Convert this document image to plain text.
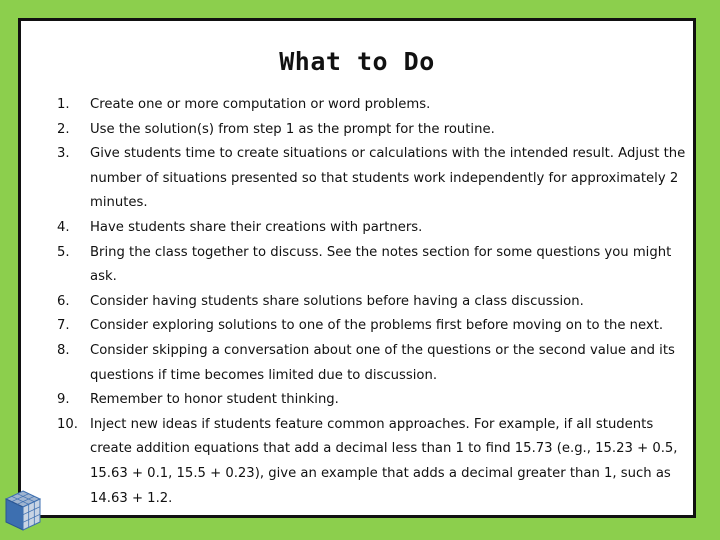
What to Do
1.	Create one or more computation or word problems.
2.	Use the solution(s) from step 1 as the prompt for the routine.
3.	Give students time to create situations or calculations with the intended result. Adjust the number of situations presented so that students work independently for approximately 2 minutes.
4.	Have students share their creations with partners.
5.	Bring the class together to discuss. See the notes section for some questions you might ask.
6.	Consider having students share solutions before having a class discussion.
7.	Consider exploring solutions to one of the problems first before moving on to the next.
8.	Consider skipping a conversation about one of the questions or the second value and its questions if time becomes limited due to discussion.
9.	Remember to honor student thinking.
10. Inject new ideas if students feature common approaches. For example, if all students create addition equations that add a decimal less than 1 to find 15.73 (e.g., 15.23 + 0.5, 15.63 + 0.1, 15.5 + 0.23), give an example that adds a decimal greater than 1, such as 14.63 + 1.2.
